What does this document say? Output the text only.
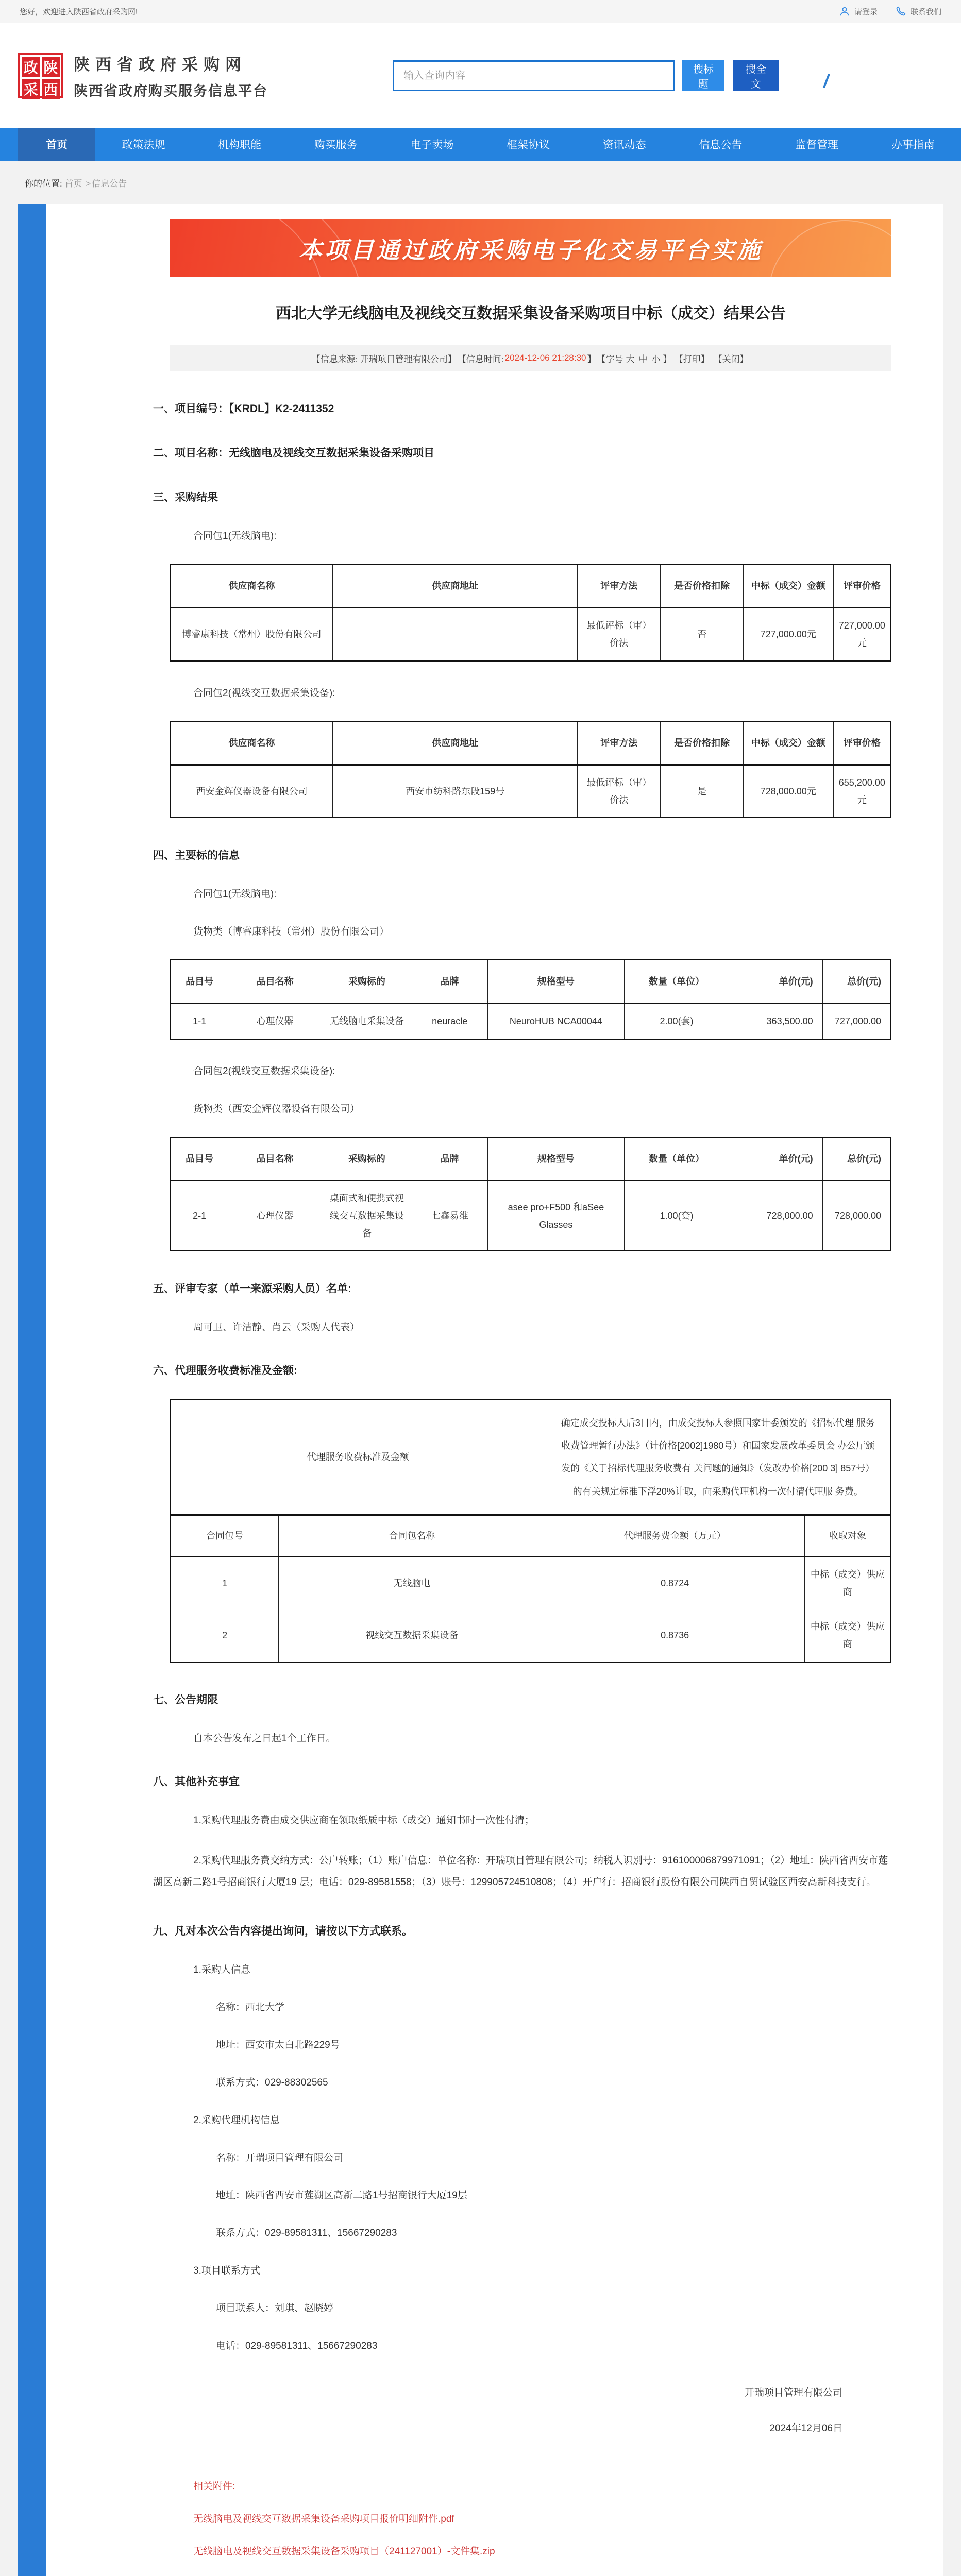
您好，欢迎进入陕西省政府采购网!	请登录	联系我们
政 陕
采 西
陕西省政府采购网
陕西省政府购买服务信息平台
输入查询内容
搜标题
搜全文	/
首页	政策法规	机构职能	购买服务	电子卖场	框架协议	资讯动态	信息公告	监督管理	办事指南
你的位置: 首页 > 信息公告
本项目通过政府采购电子化交易平台实施
西北大学无线脑电及视线交互数据采集设备采购项目中标（成交）结果公告
【信息来源: 开瑞项目管理有限公司】 【信息时间: 2024-12-06 21:28:30 】 【字号 大 中 小 】 【打印】 【关闭】
一、项目编号：【KRDL】K2-2411352
二、项目名称：无线脑电及视线交互数据采集设备采购项目
三、采购结果
合同包1(无线脑电):
供应商名称	供应商地址	评审方法	是否价格扣除	中标（成交）金额	评审价格
博睿康科技（常州）股份有限公司		最低评标（审）价法	否	727,000.00元	727,000.00元
合同包2(视线交互数据采集设备):
供应商名称	供应商地址	评审方法	是否价格扣除	中标（成交）金额	评审价格
西安金辉仪器设备有限公司	西安市纺科路东段159号	最低评标（审）价法	是	728,000.00元	655,200.00元
四、主要标的信息
合同包1(无线脑电):
货物类（博睿康科技（常州）股份有限公司）
品目号	品目名称	采购标的	品牌	规格型号	数量（单位）	单价(元)	总价(元)
1-1	心理仪器	无线脑电采集设备	neuracle	NeuroHUB NCA00044	2.00(套)	363,500.00	727,000.00
合同包2(视线交互数据采集设备):
货物类（西安金辉仪器设备有限公司）
品目号	品目名称	采购标的	品牌	规格型号	数量（单位）	单价(元)	总价(元)
2-1	心理仪器	桌面式和便携式视线交互数据采集设备	七鑫易维	asee pro+F500 和aSee Glasses	1.00(套)	728,000.00	728,000.00
五、评审专家（单一来源采购人员）名单:
周可卫、许洁静、肖云（采购人代表）
六、代理服务收费标准及金额:
代理服务收费标准及金额		确定成交投标人后3日内，由成交投标人参照国家计委颁发的《招标代理 服务收费管理暂行办法》（计价格[2002]1980号）和国家发展改革委员会 办公厅颁发的《关于招标代理服务收费有 关问题的通知》（发改办价格[200 3] 857号）的有关规定标准下浮20%计取，向采购代理机构一次付清代理服 务费。	
合同包号	合同包名称	代理服务费金额（万元）	收取对象
1	无线脑电	0.8724	中标（成交）供应商
2	视线交互数据采集设备	0.8736	中标（成交）供应商
七、公告期限
自本公告发布之日起1个工作日。
八、其他补充事宜
1.采购代理服务费由成交供应商在领取纸质中标（成交）通知书时一次性付清；
2.采购代理服务费交纳方式：公户转账；（1）账户信息：单位名称：开瑞项目管理有限公司；纳税人识别号：916100006879971091；（2）地址：陕西省西安市莲湖区高新二路1号招商银行大厦19 层；电话：029-89581558；（3）账号：129905724510808；（4）开户行：招商银行股份有限公司陕西自贸试验区西安高新科技支行。
九、凡对本次公告内容提出询问，请按以下方式联系。
1.采购人信息
名称：西北大学
地址：西安市太白北路229号
联系方式：029-88302565
2.采购代理机构信息
名称：开瑞项目管理有限公司
地址：陕西省西安市莲湖区高新二路1号招商银行大厦19层
联系方式：029-89581311、15667290283
3.项目联系方式
项目联系人：刘琪、赵晓婷
电话：029-89581311、15667290283
开瑞项目管理有限公司
2024年12月06日
相关附件:
无线脑电及视线交互数据采集设备采购项目报价明细附件.pdf
无线脑电及视线交互数据采集设备采购项目（241127001）-文件集.zip
